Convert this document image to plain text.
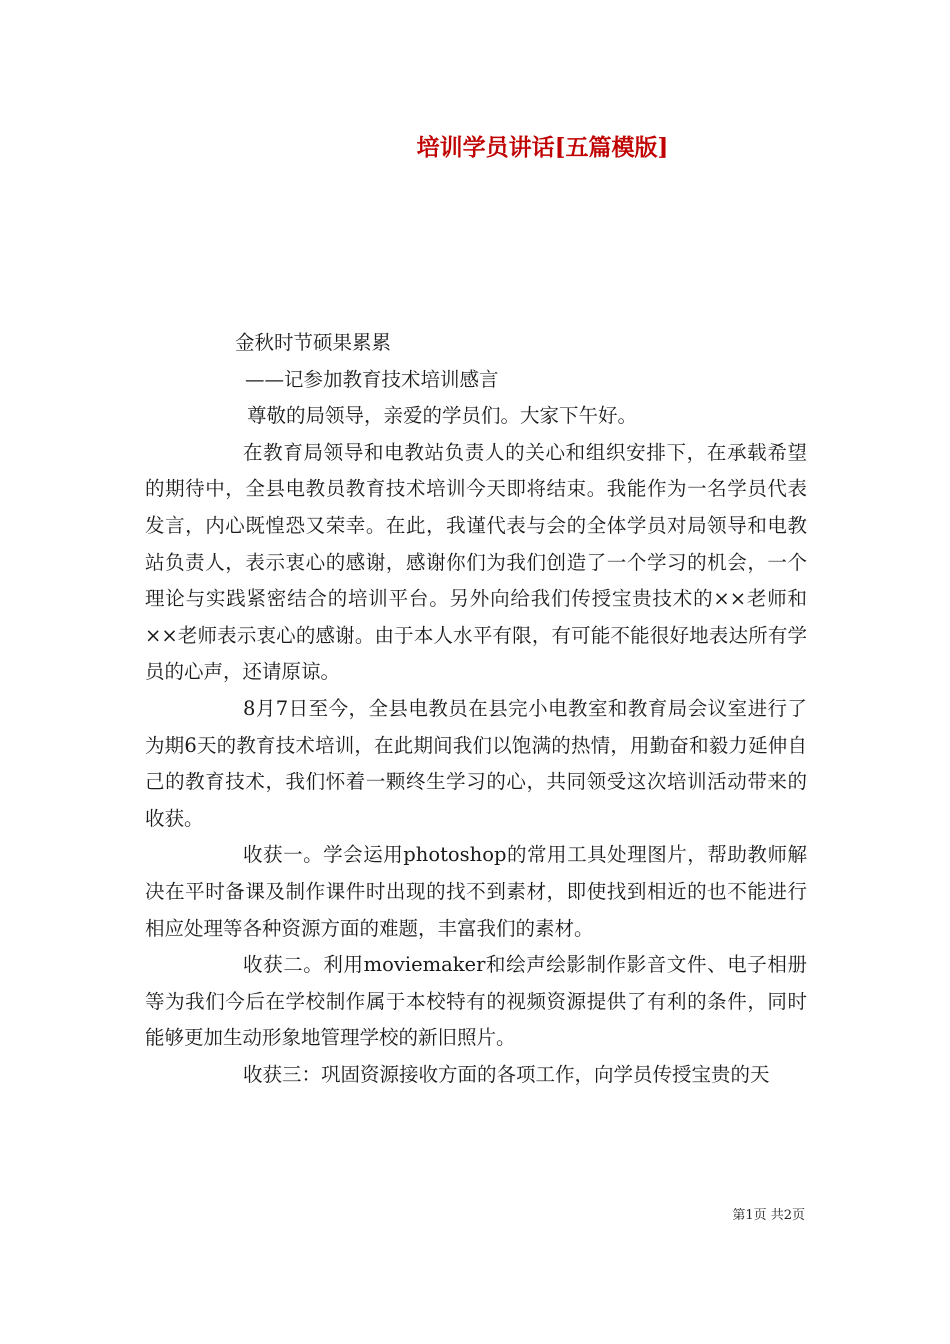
培训学员讲话[五篇模版]

金秋时节硕果累累

——记参加教育技术培训感言

尊敬的局领导，亲爱的学员们。大家下午好。

在教育局领导和电教站负责人的关心和组织安排下，在承载希望的期待中，全县电教员教育技术培训今天即将结束。我能作为一名学员代表发言，内心既惶恐又荣幸。在此，我谨代表与会的全体学员对局领导和电教站负责人，表示衷心的感谢，感谢你们为我们创造了一个学习的机会，一个理论与实践紧密结合的培训平台。另外向给我们传授宝贵技术的××老师和××老师表示衷心的感谢。由于本人水平有限，有可能不能很好地表达所有学员的心声，还请原谅。

8月7日至今，全县电教员在县完小电教室和教育局会议室进行了为期6天的教育技术培训，在此期间我们以饱满的热情，用勤奋和毅力延伸自己的教育技术，我们怀着一颗终生学习的心，共同领受这次培训活动带来的收获。

收获一。学会运用photoshop的常用工具处理图片，帮助教师解决在平时备课及制作课件时出现的找不到素材，即使找到相近的也不能进行相应处理等各种资源方面的难题，丰富我们的素材。

收获二。利用moviemaker和绘声绘影制作影音文件、电子相册等为我们今后在学校制作属于本校特有的视频资源提供了有利的条件，同时能够更加生动形象地管理学校的新旧照片。

收获三：巩固资源接收方面的各项工作，向学员传授宝贵的天

第1页 共2页
